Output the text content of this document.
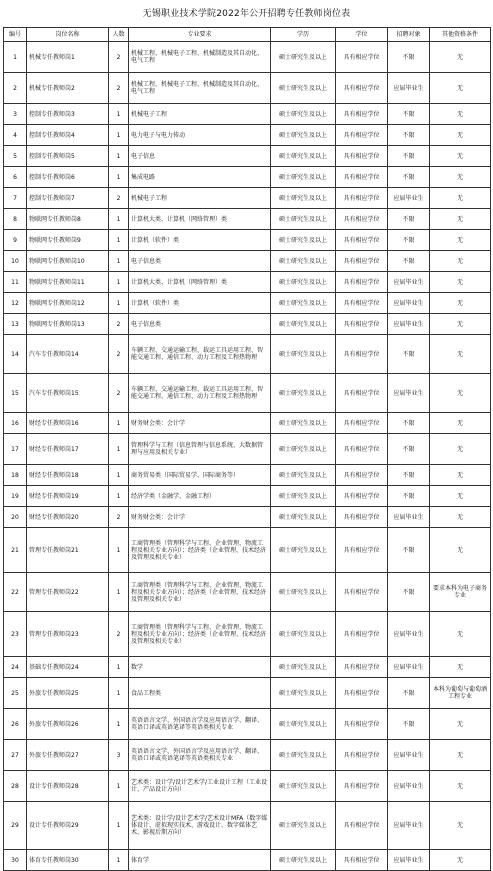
无锡职业技术学院2022年公开招聘专任教师岗位表
编号	岗位名称	人数	专业要求	学历	学位	招聘对象	其他资格条件
1	机械专任教师岗1	2	机械工程、机械电子工程、机械制造及其自动化、电气工程	硕士研究生及以上	具有相应学位	不限	无
2	机械专任教师岗2	2	机械工程、机械电子工程、机械制造及其自动化、电气工程	硕士研究生及以上	具有相应学位	应届毕业生	无
3	控制专任教师岗3	1	机械电子工程	硕士研究生及以上	具有相应学位	不限	无
4	控制专任教师岗4	1	电力电子与电力传动	硕士研究生及以上	具有相应学位	不限	无
5	控制专任教师岗5	1	电子信息	硕士研究生及以上	具有相应学位	不限	无
6	控制专任教师岗6	1	集成电路	硕士研究生及以上	具有相应学位	不限	无
7	控制专任教师岗7	2	机械电子工程	硕士研究生及以上	具有相应学位	应届毕业生	无
8	物联网专任教师岗8	1	计算机大类、计算机（网络管理）类	硕士研究生及以上	具有相应学位	不限	无
9	物联网专任教师岗9	1	计算机（软件）类	硕士研究生及以上	具有相应学位	不限	无
10	物联网专任教师岗10	1	电子信息类	硕士研究生及以上	具有相应学位	不限	无
11	物联网专任教师岗11	1	计算机大类、计算机（网络管理）类	硕士研究生及以上	具有相应学位	应届毕业生	无
12	物联网专任教师岗12	1	计算机（软件）类	硕士研究生及以上	具有相应学位	应届毕业生	无
13	物联网专任教师岗13	2	电子信息类	硕士研究生及以上	具有相应学位	应届毕业生	无
14	汽车专任教师岗14	2	车辆工程、交通运输工程、载运工具运用工程、智能交通工程、通信工程、动力工程及工程热物理	硕士研究生及以上	具有相应学位	不限	无
15	汽车专任教师岗15	2	车辆工程、交通运输工程、载运工具运用工程、智能交通工程、通信工程、动力工程及工程热物理	硕士研究生及以上	具有相应学位	应届毕业生	无
16	财经专任教师岗16	1	财务财会类：会计学	硕士研究生及以上	具有相应学位	不限	无
17	财经专任教师岗17	1	管理科学与工程（信息管理与信息系统、大数据管理与应用及相关专业）	硕士研究生及以上	具有相应学位	不限	无
18	财经专任教师岗18	1	商务贸易类（国际贸易学、国际商务等）	硕士研究生及以上	具有相应学位	不限	无
19	财经专任教师岗19	1	经济学类（金融学、金融工程）	硕士研究生及以上	具有相应学位	不限	无
20	财经专任教师岗20	2	财务财会类：会计学	硕士研究生及以上	具有相应学位	应届毕业生	无
21	管理专任教师岗21	1	工商管理类（管理科学与工程、企业管理、物流工程及相关专业方向）；经济类（企业管理、技术经济及管理及相关专业）	硕士研究生及以上	具有相应学位	不限	无
22	管理专任教师岗22	1	工商管理类（管理科学与工程、企业管理、物流工程及相关专业方向）；经济类（企业管理、技术经济及管理及相关专业）	硕士研究生及以上	具有相应学位	不限	要求本科为电子商务专业
23	管理专任教师岗23	2	工商管理类（管理科学与工程、企业管理、物流工程及相关专业方向）；经济类（企业管理、技术经济及管理及相关专业）	硕士研究生及以上	具有相应学位	应届毕业生	无
24	基础专任教师岗24	1	数学	硕士研究生及以上	具有相应学位	应届毕业生	无
25	外旅专任教师岗25	1	食品工程类	硕士研究生及以上	具有相应学位	不限	本科为葡萄与葡萄酒工程专业
26	外旅专任教师岗26	1	英语语言文学、外国语言学及应用语言学、翻译、英语口译或英语笔译等英语类相关专业	硕士研究生及以上	具有相应学位	不限	无
27	外旅专任教师岗27	3	英语语言文学、外国语言学及应用语言学、翻译、英语口译或英语笔译等英语类相关专业	硕士研究生及以上	具有相应学位	应届毕业生	无
28	设计专任教师岗28	1	艺术类：设计学/设计艺术学/工业设计工程（工业设计、产品设计方向）	硕士研究生及以上	具有相应学位	应届毕业生	无
29	设计专任教师岗29	1	艺术类：设计学/设计艺术学/艺术设计MFA（数字媒体设计、虚拟现实技术、游戏设计、数字媒体艺术、影视后期方向）	硕士研究生及以上	具有相应学位	应届毕业生	无
30	体育专任教师岗30	1	体育学	硕士研究生及以上	具有相应学位	应届毕业生	无
